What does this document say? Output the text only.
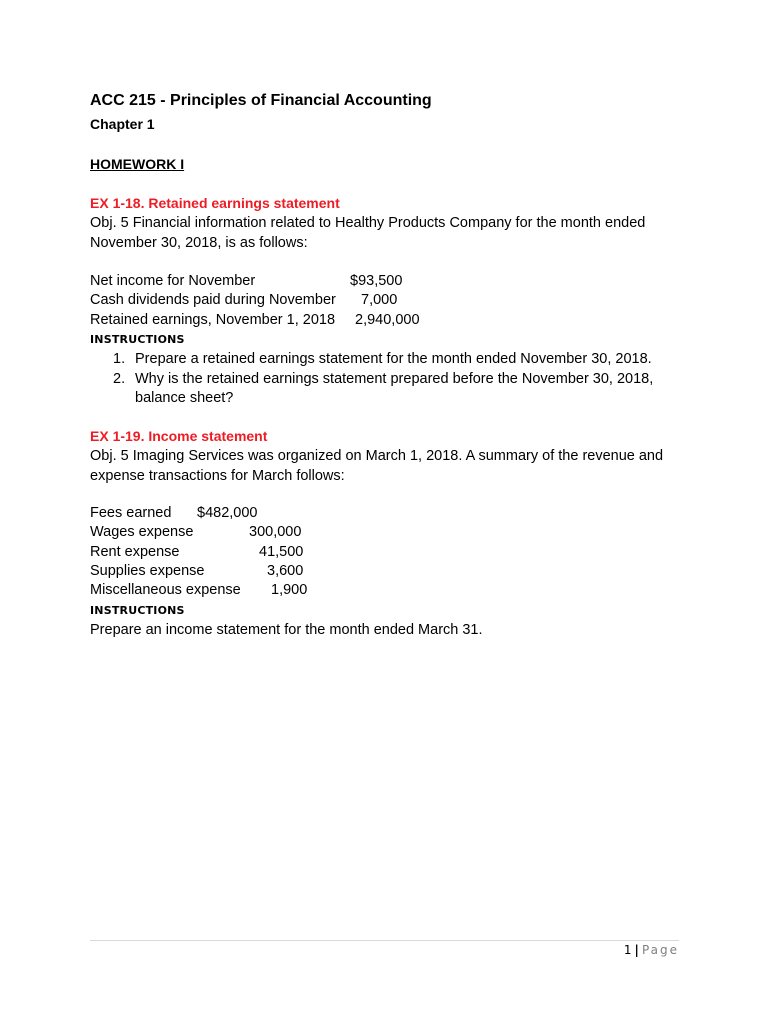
ACC 215 - Principles of Financial Accounting
Chapter 1
HOMEWORK I
EX 1-18. Retained earnings statement
Obj. 5 Financial information related to Healthy Products Company for the month ended November 30, 2018, is as follows:
Net income for November	$93,500
Cash dividends paid during November 7,000
Retained earnings, November 1, 2018 2,940,000
INSTRUCTIONS
1. Prepare a retained earnings statement for the month ended November 30, 2018.
2. Why is the retained earnings statement prepared before the November 30, 2018, balance sheet?
EX 1-19. Income statement
Obj. 5 Imaging Services was organized on March 1, 2018. A summary of the revenue and expense transactions for March follows:
Fees earned $482,000
Wages expense	300,000
Rent expense	41,500
Supplies expense	3,600
Miscellaneous expense 1,900
INSTRUCTIONS
Prepare an income statement for the month ended March 31.
1 | Page
